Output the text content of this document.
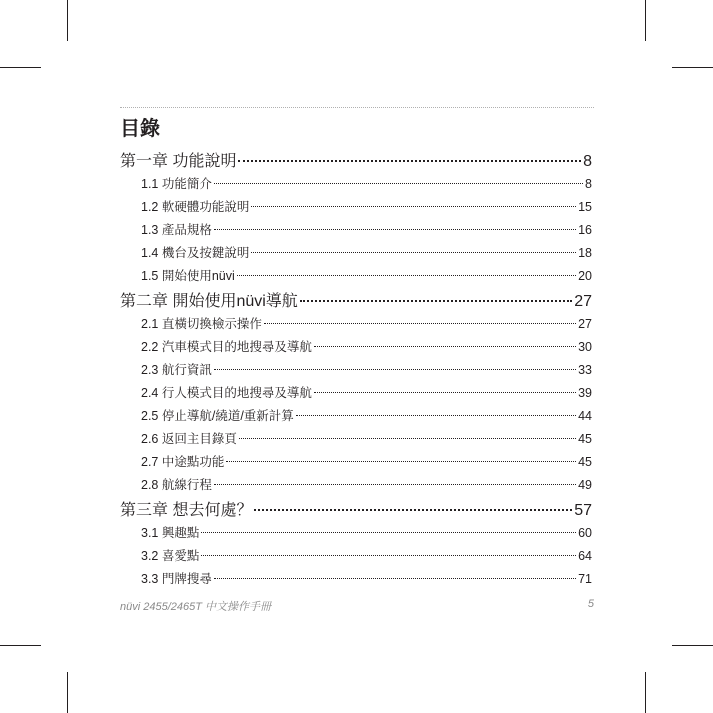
目錄
第一章 功能說明	8
1.1 功能簡介	8
1.2 軟硬體功能說明	15
1.3 產品規格	16
1.4 機台及按鍵說明	18
1.5 開始使用nüvi	20
第二章 開始使用nüvi導航	27
2.1 直橫切換檢示操作	27
2.2 汽車模式目的地搜尋及導航	30
2.3 航行資訊	33
2.4 行人模式目的地搜尋及導航	39
2.5 停止導航/繞道/重新計算	44
2.6 返回主目錄頁	45
2.7 中途點功能	45
2.8 航線行程	49
第三章 想去何處？	57
3.1 興趣點	60
3.2 喜愛點	64
3.3 門牌搜尋	71
nüvi 2455/2465T 中文操作手冊	5
